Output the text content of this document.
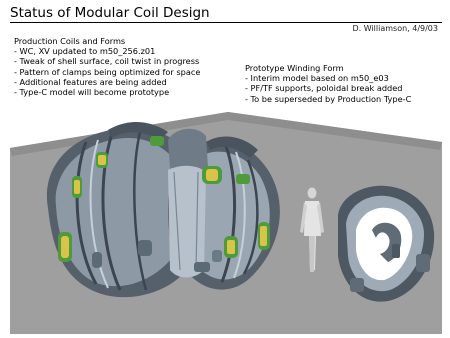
Status of Modular Coil Design
D. Williamson, 4/9/03
Production Coils and Forms
- WC, XV updated to m50_256.z01
- Tweak of shell surface, coil twist in progress
- Pattern of clamps being optimized for space
- Additional features are being added
- Type-C model will become prototype
Prototype Winding Form
- Interim model based on m50_e03
- PF/TF supports, poloidal break added
- To be superseded by Production Type-C
